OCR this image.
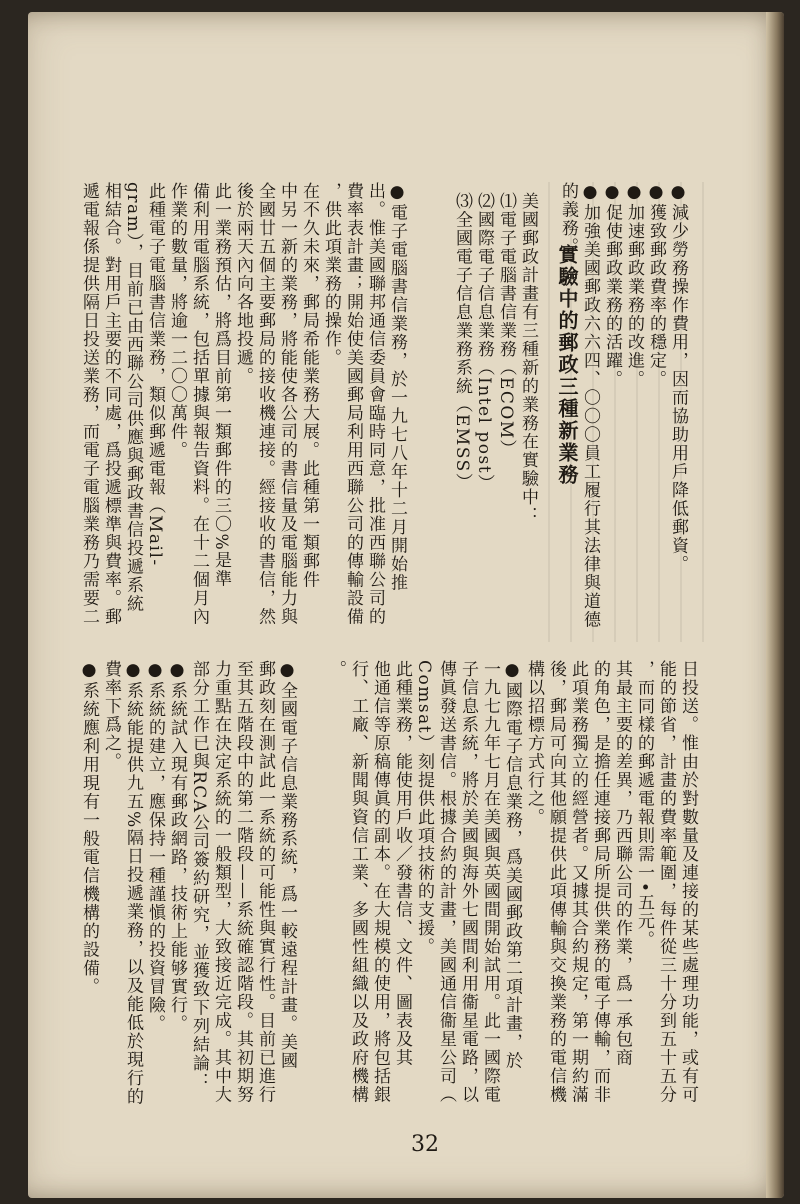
●減少勞務操作費用，因而協助用戶降低郵資。
●獲致郵政費率的穩定。
●加速郵政業務的改進。
●促使郵政業務的活躍。
●加強美國郵政六六四、〇〇〇員工履行其法律與道德
的義務。
實驗中的郵政三種新業務
美國郵政計畫有三種新的業務在實驗中：
⑴電子電腦書信業務（ECOM）
⑵國際電子信息業務（Intel post）
⑶全國電子信息業務系統（EMSS）
●電子電腦書信業務，於一九七八年十二月開始推
出。惟美國聯邦通信委員會臨時同意，批准西聯公司的
費率表計畫；開始使美國郵局利用西聯公司的傳輸設備
，供此項業務的操作。
在不久未來，郵局希能業務大展。此種第一類郵件
中另一新的業務，將能使各公司的書信量及電腦能力與
全國廿五個主要郵局的接收機連接。經接收的書信，然
後於兩天內向各地投遞。
此一業務預估，將爲目前第一類郵件的三〇%是準
備利用電腦系統，包括單據與報告資料。在十二個月內
作業的數量，將逾一二〇〇萬件。
此種電子電腦書信業務，類似郵遞電報（Mail-
gram），目前已由西聯公司供應與郵政書信投遞系統
相結合。對用戶主要的不同處，爲投遞標準與費率。郵
遞電報係提供隔日投送業務，而電子電腦業務乃需要二
日投送。惟由於對數量及連接的某些處理功能，或有可
能的節省，計畫的費率範圍，每件從三十分到五十五分
，而同樣的郵遞電報則需一•五元。
其最主要的差異，乃西聯公司的作業，爲一承包商
的角色，是擔任連接郵局所提供業務的電子傳輸，而非
此項業務獨立的經營者。又據其合約規定，第一期約滿
後，郵局可向其他願提供此項傳輸與交換業務的電信機
構以招標方式行之。
●國際電子信息業務，爲美國郵政第二項計畫，於
一九七九年七月在美國與英國間開始試用。此一國際電
子信息系統，將於美國與海外七國間利用衞星電路，以
傳眞發送書信。根據合約的計畫，美國通信衞星公司（
Comsat）刻提供此項技術的支援。
此種業務，能使用戶收／發書信、文件、圖表及其
他通信等原稿傳眞的副本。在大規模的使用，將包括銀
行、工廠、新聞與資信工業、多國性組織以及政府機構
。
●全國電子信息業務系統，爲一較遠程計畫。美國
郵政刻在測試此一系統的可能性與實行性。目前已進行
至其五階段中的第二階段——系統確認階段。其初期努
力重點在決定系統的一般類型，大致接近完成。其中大
部分工作已與RCA公司簽約研究，並獲致下列結論：
●系統試入現有郵政網路，技術上能够實行。
●系統的建立，應保持一種謹愼的投資冒險。
●系統能提供九五%隔日投遞業務，以及能低於現行的
費率下爲之。
●系統應利用現有一般電信機構的設備。
32
